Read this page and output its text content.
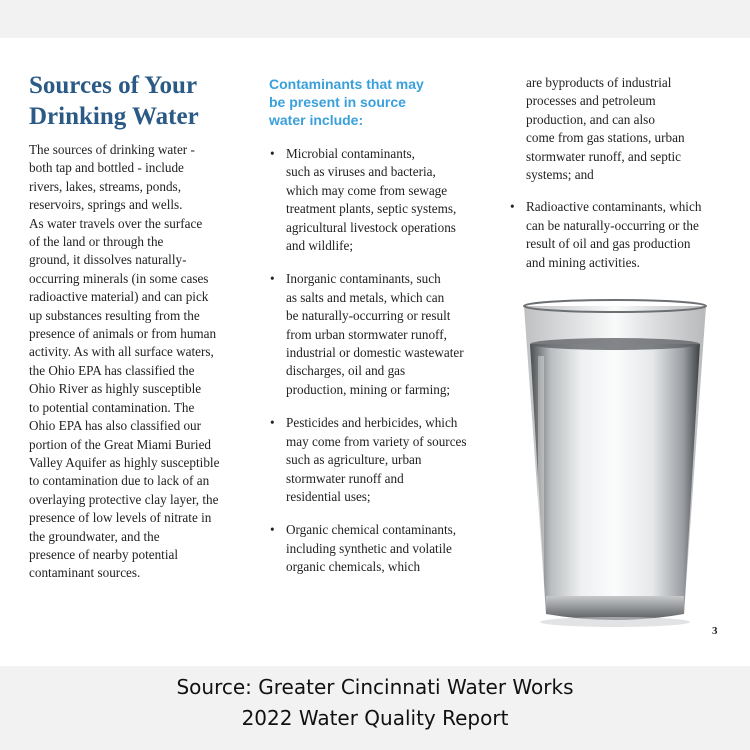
Sources of Your
Drinking Water
The sources of drinking water -
both tap and bottled - include
rivers, lakes, streams, ponds,
reservoirs, springs and wells.
As water travels over the surface
of the land or through the
ground, it dissolves naturally-
occurring minerals (in some cases
radioactive material) and can pick
up substances resulting from the
presence of animals or from human
activity. As with all surface waters,
the Ohio EPA has classified the
Ohio River as highly susceptible
to potential contamination. The
Ohio EPA has also classified our
portion of the Great Miami Buried
Valley Aquifer as highly susceptible
to contamination due to lack of an
overlaying protective clay layer, the
presence of low levels of nitrate in
the groundwater, and the
presence of nearby potential
contaminant sources.
Contaminants that may
be present in source
water include:
• Microbial contaminants,
such as viruses and bacteria,
which may come from sewage
treatment plants, septic systems,
agricultural livestock operations
and wildlife;
• Inorganic contaminants, such
as salts and metals, which can
be naturally-occurring or result
from urban stormwater runoff,
industrial or domestic wastewater
discharges, oil and gas
production, mining or farming;
• Pesticides and herbicides, which
may come from variety of sources
such as agriculture, urban
stormwater runoff and
residential uses;
• Organic chemical contaminants,
including synthetic and volatile
organic chemicals, which
are byproducts of industrial
processes and petroleum
production, and can also
come from gas stations, urban
stormwater runoff, and septic
systems; and
• Radioactive contaminants, which
can be naturally-occurring or the
result of oil and gas production
and mining activities.
3
Source: Greater Cincinnati Water Works
2022 Water Quality Report
